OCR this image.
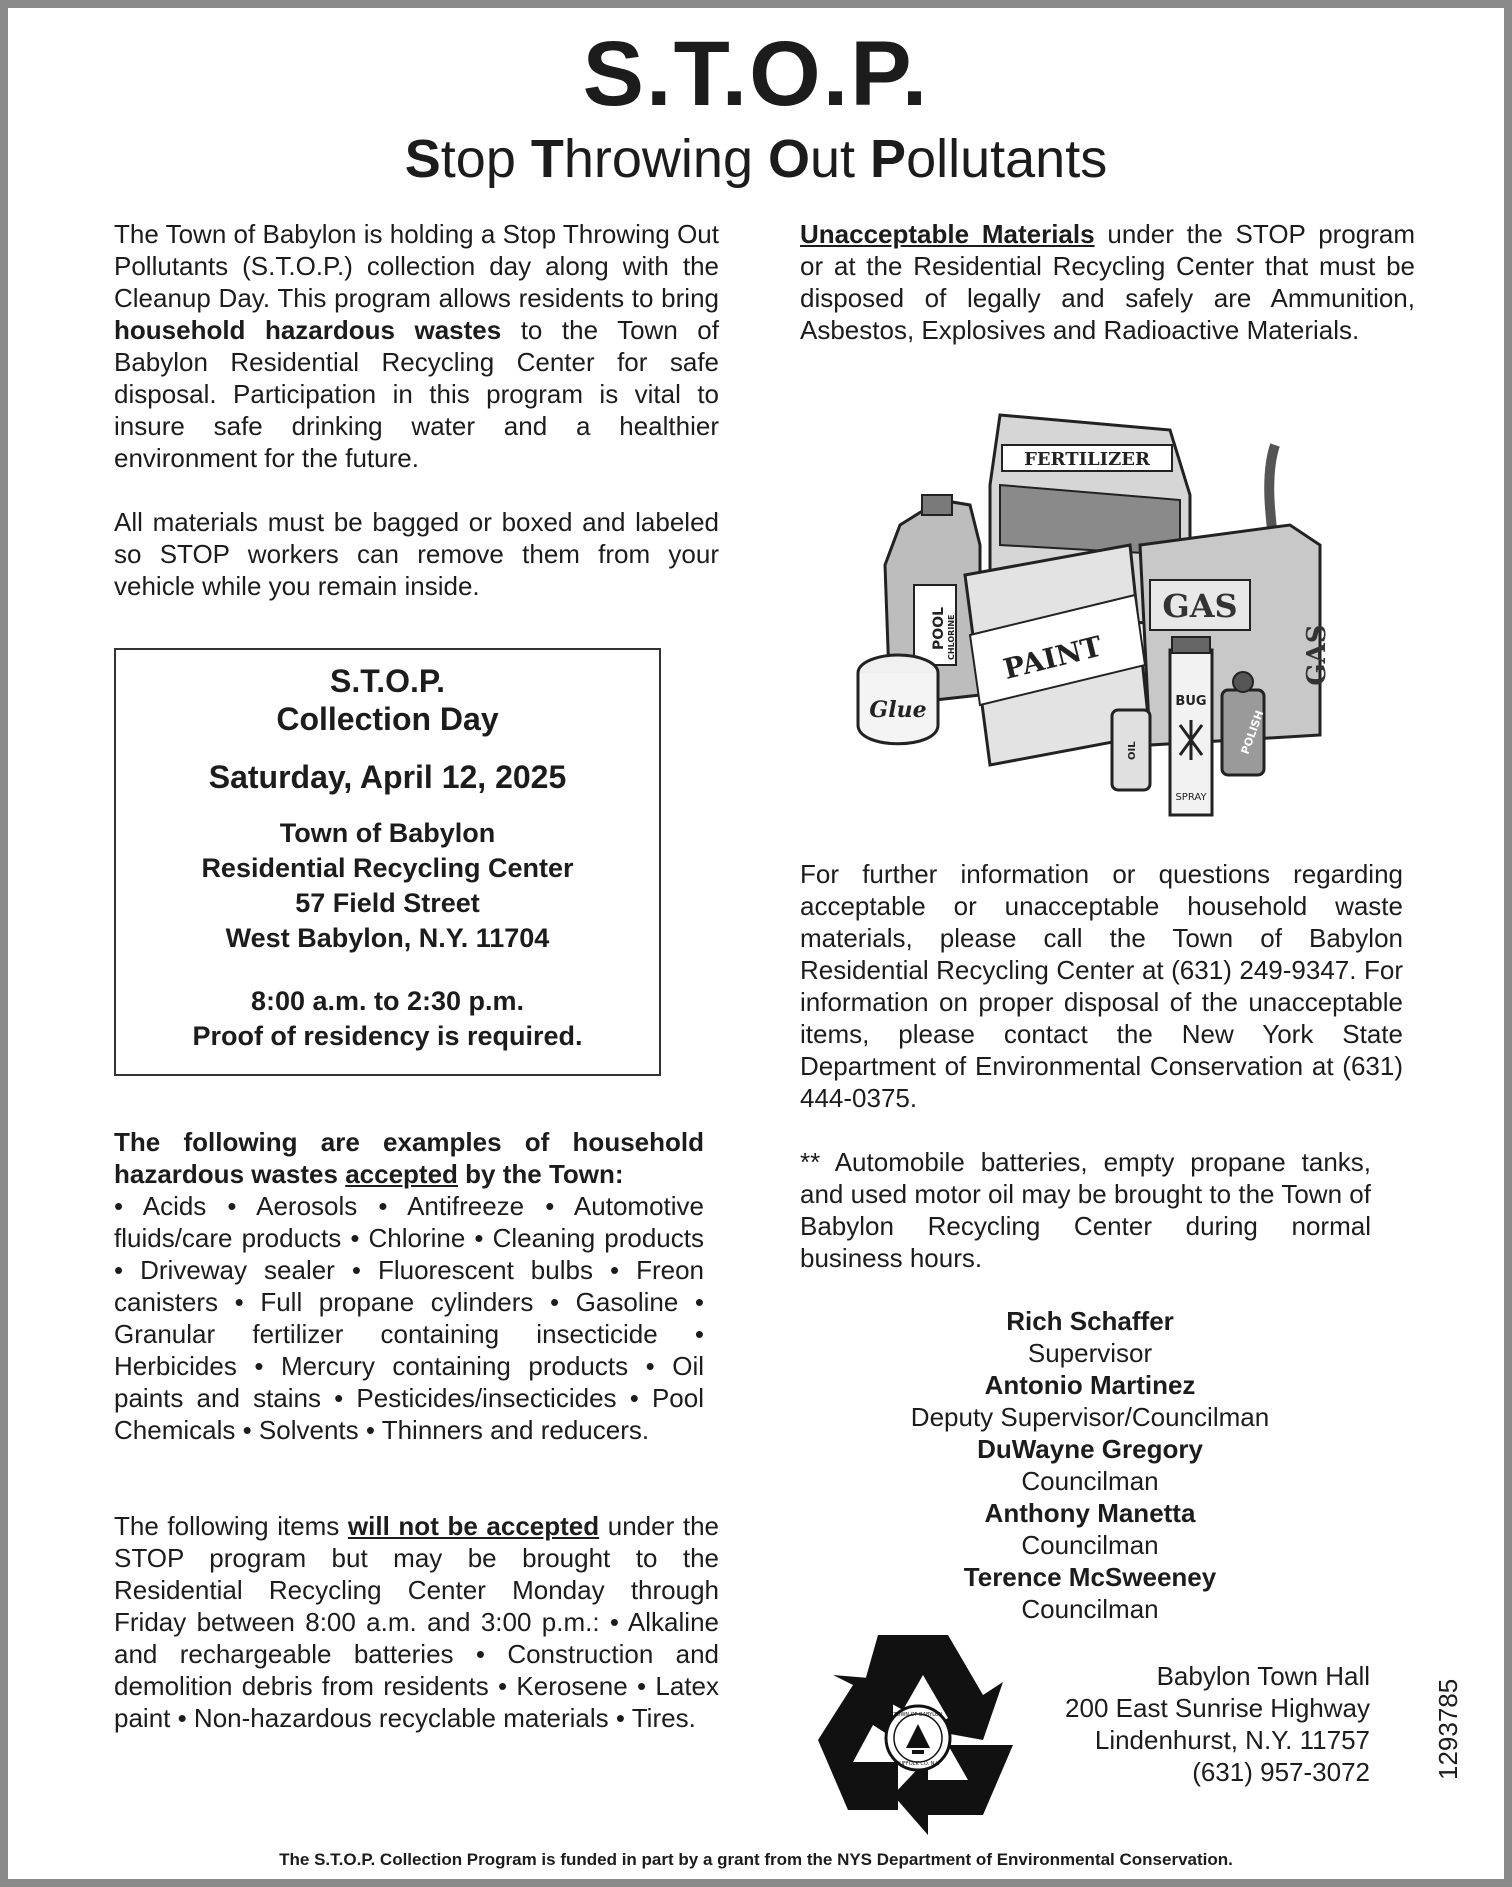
S.T.O.P.
Stop Throwing Out Pollutants

The Town of Babylon is holding a Stop Throwing Out Pollutants (S.T.O.P.) collection day along with the Cleanup Day. This program allows residents to bring household hazardous wastes to the Town of Babylon Residential Recycling Center for safe disposal. Participation in this program is vital to insure safe drinking water and a healthier environment for the future.

All materials must be bagged or boxed and labeled so STOP workers can remove them from your vehicle while you remain inside.

S.T.O.P.
Collection Day
Saturday, April 12, 2025
Town of Babylon
Residential Recycling Center
57 Field Street
West Babylon, N.Y. 11704
8:00 a.m. to 2:30 p.m.
Proof of residency is required.

The following are examples of household hazardous wastes accepted by the Town:

• Acids • Aerosols • Antifreeze • Automotive fluids/care products • Chlorine • Cleaning products • Driveway sealer • Fluorescent bulbs • Freon canisters • Full propane cylinders • Gasoline • Granular fertilizer containing insecticide • Herbicides • Mercury containing products • Oil paints and stains • Pesticides/insecticides • Pool Chemicals • Solvents • Thinners and reducers.

The following items will not be accepted under the STOP program but may be brought to the Residential Recycling Center Monday through Friday between 8:00 a.m. and 3:00 p.m.: • Alkaline and rechargeable batteries • Construction and demolition debris from residents • Kerosene • Latex paint • Non-hazardous recyclable materials • Tires.

Unacceptable Materials under the STOP program or at the Residential Recycling Center that must be disposed of legally and safely are Ammunition, Asbestos, Explosives and Radioactive Materials.

FERTILIZER
POOL CHLORINE PAINT
Glue
GAS
GAS
BUG
SPRAY
OIL	POLISH

For further information or questions regarding acceptable or unacceptable household waste materials, please call the Town of Babylon Residential Recycling Center at (631) 249-9347. For information on proper disposal of the unacceptable items, please contact the New York State Department of Environmental Conservation at (631) 444-0375.

** Automobile batteries, empty propane tanks, and used motor oil may be brought to the Town of Babylon Recycling Center during normal business hours.

Rich Schaffer
Supervisor
Antonio Martinez
Deputy Supervisor/Councilman
DuWayne Gregory
Councilman
Anthony Manetta
Councilman
Terence McSweeney
Councilman
TOWN OF BABYLON
SUFFOLK CO. N.Y.
Babylon Town Hall
200 East Sunrise Highway
Lindenhurst, N.Y. 11757
(631) 957-3072 1293785
The S.T.O.P. Collection Program is funded in part by a grant from the NYS Department of Environmental Conservation.
